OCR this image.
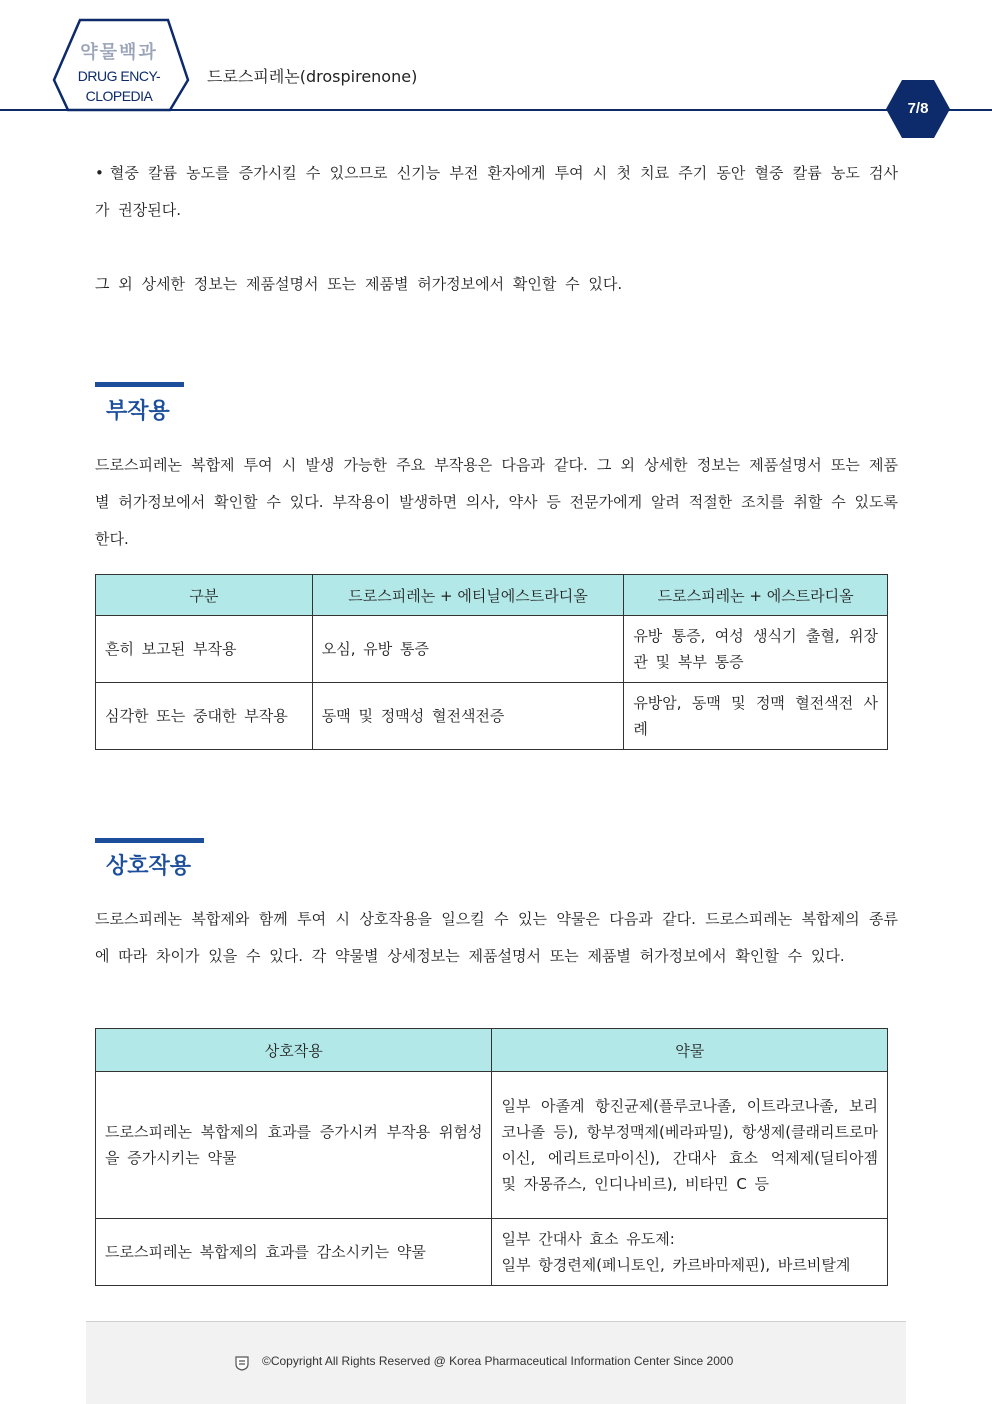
약물백과
DRUG ENCY-
CLOPEDIA
드로스피레논(drospirenone)
7/8
• 혈중 칼륨 농도를 증가시킬 수 있으므로 신기능 부전 환자에게 투여 시 첫 치료 주기 동안 혈중 칼륨 농도 검사가 권장된다.
그 외 상세한 정보는 제품설명서 또는 제품별 허가정보에서 확인할 수 있다.
부작용
드로스피레논 복합제 투여 시 발생 가능한 주요 부작용은 다음과 같다. 그 외 상세한 정보는 제품설명서 또는 제품별 허가정보에서 확인할 수 있다. 부작용이 발생하면 의사, 약사 등 전문가에게 알려 적절한 조치를 취할 수 있도록 한다.
구분	드로스피레논 + 에티닐에스트라디올	드로스피레논 + 에스트라디올
흔히 보고된 부작용	오심, 유방 통증	유방 통증, 여성 생식기 출혈, 위장관 및 복부 통증
심각한 또는 중대한 부작용	동맥 및 정맥성 혈전색전증	유방암, 동맥 및 정맥 혈전색전 사례
상호작용
드로스피레논 복합제와 함께 투여 시 상호작용을 일으킬 수 있는 약물은 다음과 같다. 드로스피레논 복합제의 종류에 따라 차이가 있을 수 있다. 각 약물별 상세정보는 제품설명서 또는 제품별 허가정보에서 확인할 수 있다.
상호작용	약물
드로스피레논 복합제의 효과를 증가시켜 부작용 위험성을 증가시키는 약물	일부 아졸계 항진균제(플루코나졸, 이트라코나졸, 보리코나졸 등), 항부정맥제(베라파밀), 항생제(클래리트로마이신, 에리트로마이신), 간대사 효소 억제제(딜티아젬 및 자몽쥬스, 인디나비르), 비타민 C 등
드로스피레논 복합제의 효과를 감소시키는 약물	일부 간대사 효소 유도제:
일부 항경련제(페니토인, 카르바마제핀), 바르비탈계
©Copyright All Rights Reserved @ Korea Pharmaceutical Information Center Since 2000
